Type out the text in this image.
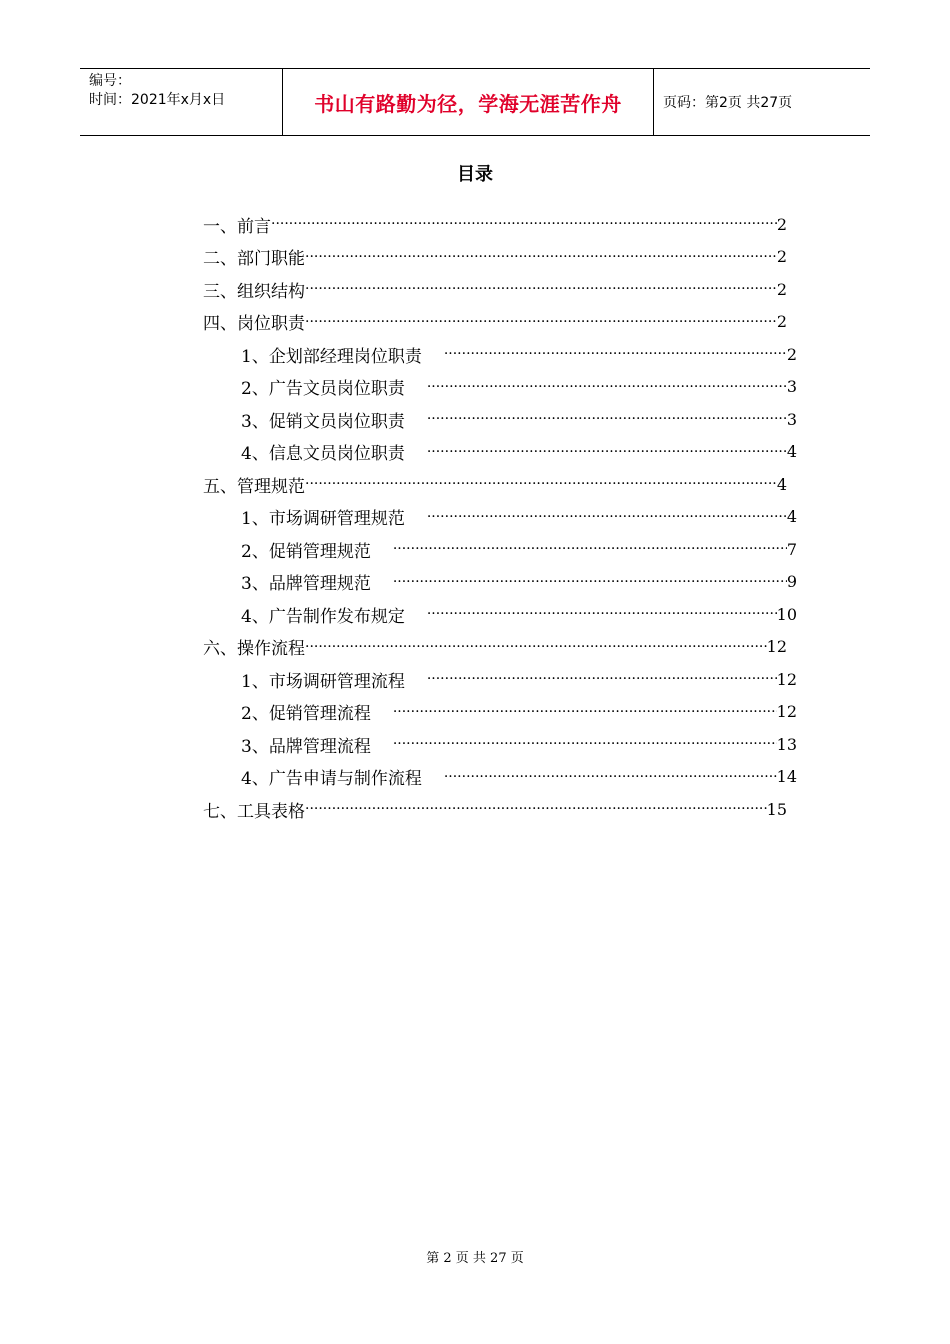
编号：
时间：2021年x月x日	书山有路勤为径，学海无涯苦作舟	页码：第2页 共27页
目录
一、前言 ·····	2
二、部门职能 ·····	2
三、组织结构 ·····	2
四、岗位职责 ·····	2
1、企划部经理岗位职责 ·····	2
2、广告文员岗位职责 ·····	3
3、促销文员岗位职责 ·····	3
4、信息文员岗位职责 ·····	4
五、管理规范 ·····	4
1、市场调研管理规范 ·····	4
2、促销管理规范 ·····	7
3、品牌管理规范 ·····	9
4、广告制作发布规定 ·····	10
六、操作流程 ·····	12
1、市场调研管理流程 ·····	12
2、促销管理流程 ·····	12
3、品牌管理流程 ·····	13
4、广告申请与制作流程 ·····	14
七、工具表格 ·····	15
第 2 页 共 27 页
